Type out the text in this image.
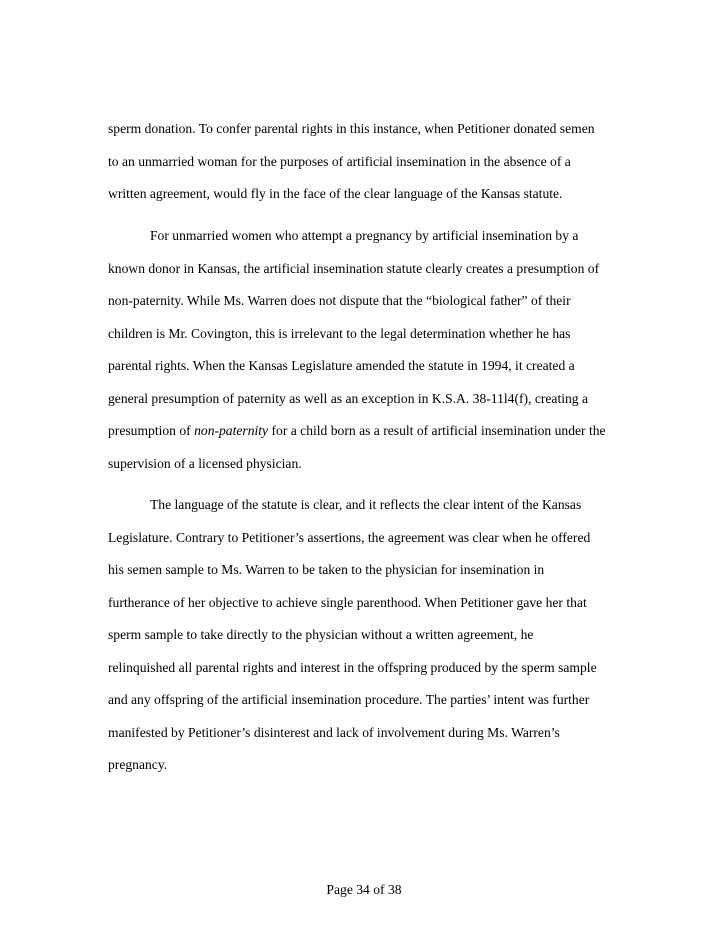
sperm donation. To confer parental rights in this instance, when Petitioner donated semen
to an unmarried woman for the purposes of artificial insemination in the absence of a
written agreement, would fly in the face of the clear language of the Kansas statute.
For unmarried women who attempt a pregnancy by artificial insemination by a
known donor in Kansas, the artificial insemination statute clearly creates a presumption of
non-paternity. While Ms. Warren does not dispute that the “biological father” of their
children is Mr. Covington, this is irrelevant to the legal determination whether he has
parental rights. When the Kansas Legislature amended the statute in 1994, it created a
general presumption of paternity as well as an exception in K.S.A. 38-11l4(f), creating a
presumption of non-paternity for a child born as a result of artificial insemination under the
supervision of a licensed physician.
The language of the statute is clear, and it reflects the clear intent of the Kansas
Legislature. Contrary to Petitioner’s assertions, the agreement was clear when he offered
his semen sample to Ms. Warren to be taken to the physician for insemination in
furtherance of her objective to achieve single parenthood. When Petitioner gave her that
sperm sample to take directly to the physician without a written agreement, he
relinquished all parental rights and interest in the offspring produced by the sperm sample
and any offspring of the artificial insemination procedure. The parties’ intent was further
manifested by Petitioner’s disinterest and lack of involvement during Ms. Warren’s
pregnancy.
Page 34 of 38
